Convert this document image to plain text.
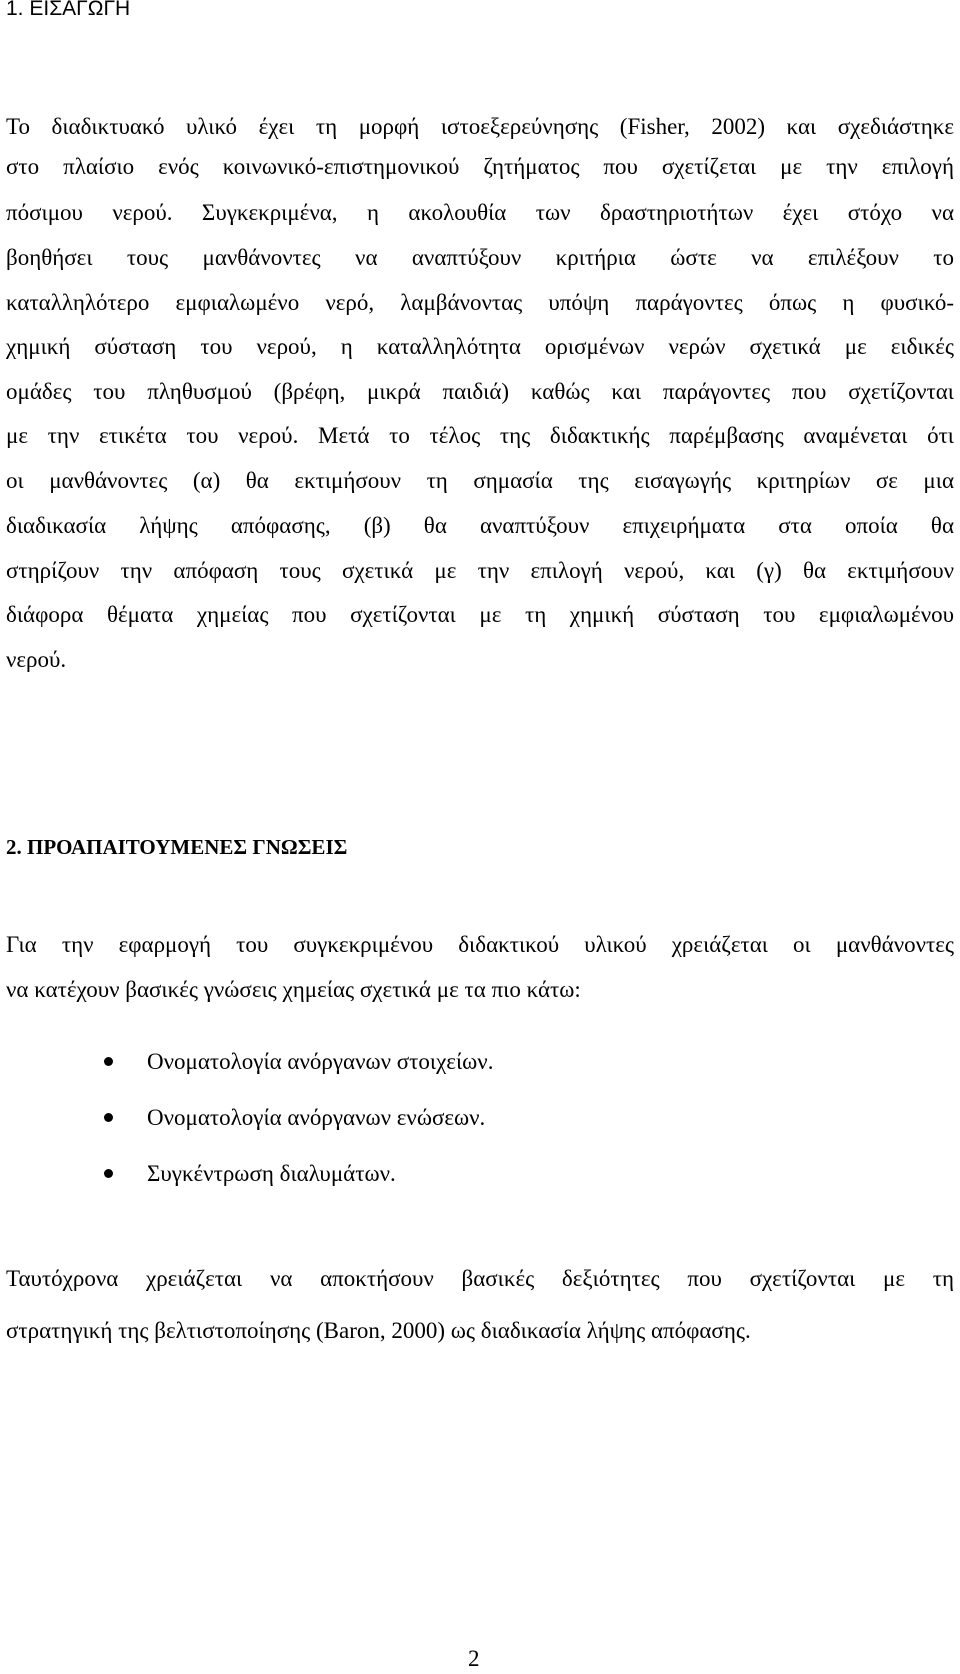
1. ΕΙΣΑΓΩΓΗ
Το διαδικτυακό υλικό έχει τη μορφή ιστοεξερεύνησης (Fisher, 2002) και σχεδιάστηκε
στο πλαίσιο ενός κοινωνικό-επιστημονικού ζητήματος που σχετίζεται με την επιλογή
πόσιμου νερού. Συγκεκριμένα, η ακολουθία των δραστηριοτήτων έχει στόχο να
βοηθήσει τους μανθάνοντες να αναπτύξουν κριτήρια ώστε να επιλέξουν το
καταλληλότερο εμφιαλωμένο νερό, λαμβάνοντας υπόψη παράγοντες όπως η φυσικό-
χημική σύσταση του νερού, η καταλληλότητα ορισμένων νερών σχετικά με ειδικές
ομάδες του πληθυσμού (βρέφη, μικρά παιδιά) καθώς και παράγοντες που σχετίζονται
με την ετικέτα του νερού. Μετά το τέλος της διδακτικής παρέμβασης αναμένεται ότι
οι μανθάνοντες (α) θα εκτιμήσουν τη σημασία της εισαγωγής κριτηρίων σε μια
διαδικασία λήψης απόφασης, (β) θα αναπτύξουν επιχειρήματα στα οποία θα
στηρίζουν την απόφαση τους σχετικά με την επιλογή νερού, και (γ) θα εκτιμήσουν
διάφορα θέματα χημείας που σχετίζονται με τη χημική σύσταση του εμφιαλωμένου
νερού.
2. ΠΡΟΑΠΑΙΤΟΥΜΕΝΕΣ ΓΝΩΣΕΙΣ
Για την εφαρμογή του συγκεκριμένου διδακτικού υλικού χρειάζεται οι μανθάνοντες
να κατέχουν βασικές γνώσεις χημείας σχετικά με τα πιο κάτω:
Ονοματολογία ανόργανων στοιχείων.
Ονοματολογία ανόργανων ενώσεων.
Συγκέντρωση διαλυμάτων.
Ταυτόχρονα χρειάζεται να αποκτήσουν βασικές δεξιότητες που σχετίζονται με τη
στρατηγική της βελτιστοποίησης (Baron, 2000) ως διαδικασία λήψης απόφασης.
2
